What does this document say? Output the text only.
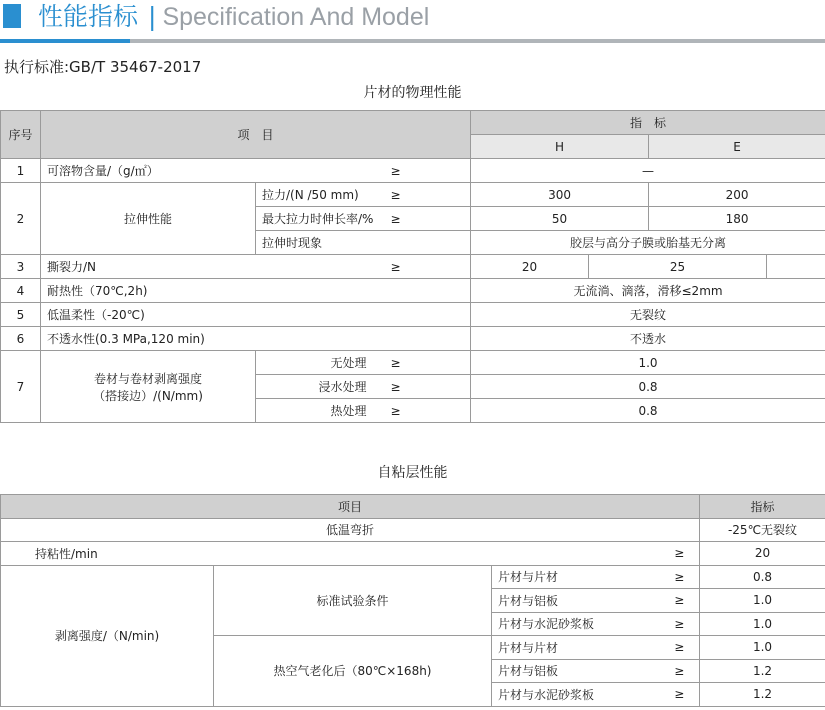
性能指标 | Specification And Model
执行标准:GB/T 35467-2017
片材的物理性能
序号	项　目			指　标			
				H		E	
1	可溶物含量/（g/㎡）		≥	—			
2	拉伸性能	拉力/(N /50 mm)	≥	300		200	
		最大拉力时伸长率/%	≥	50		180	
		拉伸时现象		胶层与高分子膜或胎基无分离			
3	撕裂力/N		≥	20	25		
4	耐热性（70℃,2h)			无流淌、滴落，滑移≤2mm			
5	低温柔性（-20℃)			无裂纹			
6	不透水性(0.3 MPa,120 min)			不透水			
7	卷材与卷材剥离强度
（搭接边）/(N/mm)	无处理	≥	1.0			
		浸水处理	≥	0.8			
		热处理	≥	0.8			
自粘层性能
项目				指标
低温弯折				-25℃无裂纹
持粘性/min			≥	20
剥离强度/（N/min)	标准试验条件	片材与片材	≥	0.8
		片材与铝板	≥	1.0
		片材与水泥砂浆板	≥	1.0
	热空气老化后（80℃×168h)	片材与片材	≥	1.0
		片材与铝板	≥	1.2
		片材与水泥砂浆板	≥	1.2
